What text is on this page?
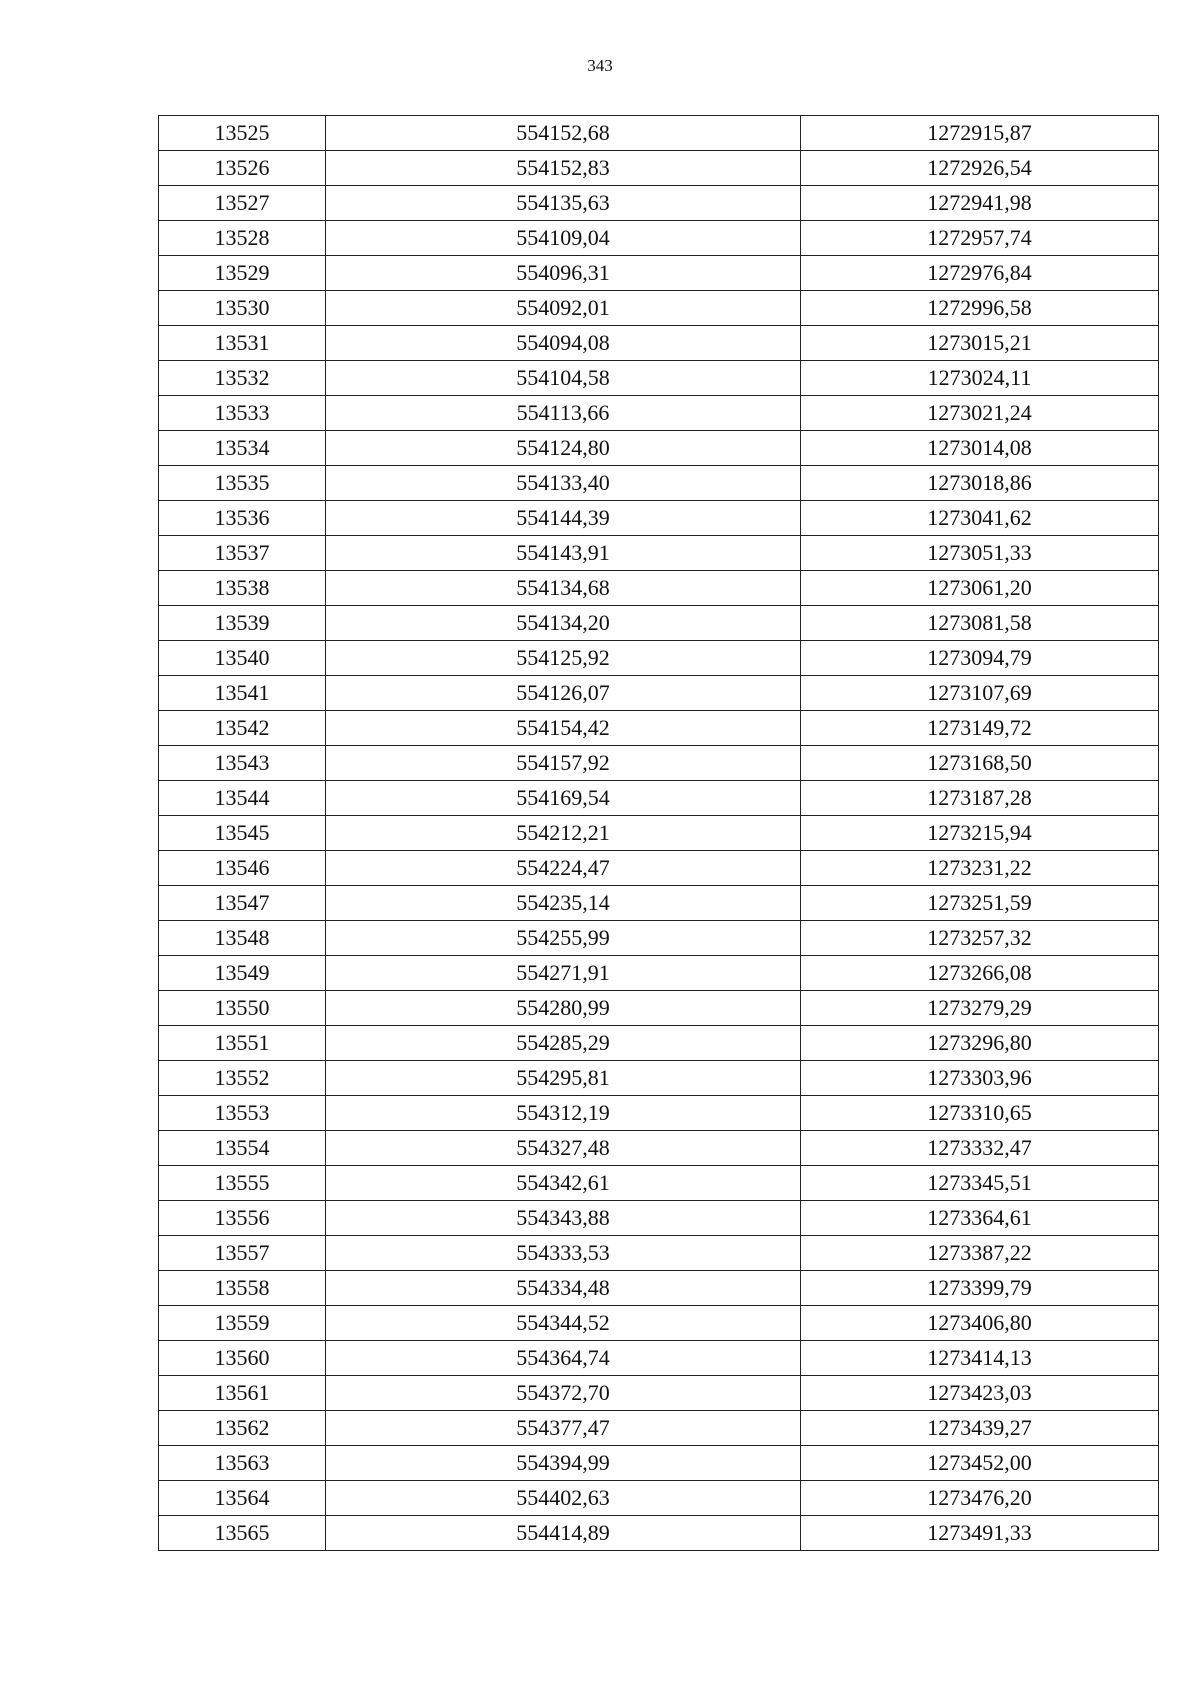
343
13525	554152,68	1272915,87
13526	554152,83	1272926,54
13527	554135,63	1272941,98
13528	554109,04	1272957,74
13529	554096,31	1272976,84
13530	554092,01	1272996,58
13531	554094,08	1273015,21
13532	554104,58	1273024,11
13533	554113,66	1273021,24
13534	554124,80	1273014,08
13535	554133,40	1273018,86
13536	554144,39	1273041,62
13537	554143,91	1273051,33
13538	554134,68	1273061,20
13539	554134,20	1273081,58
13540	554125,92	1273094,79
13541	554126,07	1273107,69
13542	554154,42	1273149,72
13543	554157,92	1273168,50
13544	554169,54	1273187,28
13545	554212,21	1273215,94
13546	554224,47	1273231,22
13547	554235,14	1273251,59
13548	554255,99	1273257,32
13549	554271,91	1273266,08
13550	554280,99	1273279,29
13551	554285,29	1273296,80
13552	554295,81	1273303,96
13553	554312,19	1273310,65
13554	554327,48	1273332,47
13555	554342,61	1273345,51
13556	554343,88	1273364,61
13557	554333,53	1273387,22
13558	554334,48	1273399,79
13559	554344,52	1273406,80
13560	554364,74	1273414,13
13561	554372,70	1273423,03
13562	554377,47	1273439,27
13563	554394,99	1273452,00
13564	554402,63	1273476,20
13565	554414,89	1273491,33
